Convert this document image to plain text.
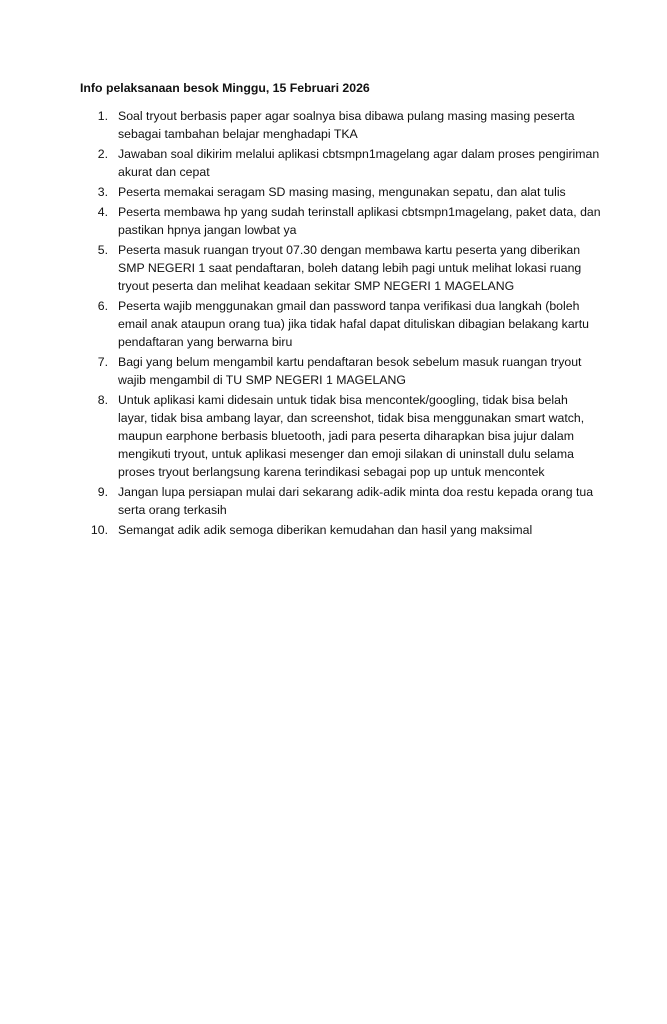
Info pelaksanaan besok Minggu, 15 Februari 2026
1. Soal tryout berbasis paper agar soalnya bisa dibawa pulang masing masing peserta
sebagai tambahan belajar menghadapi TKA
2. Jawaban soal dikirim melalui aplikasi cbtsmpn1magelang agar dalam proses pengiriman
akurat dan cepat
3. Peserta memakai seragam SD masing masing, mengunakan sepatu, dan alat tulis
4. Peserta membawa hp yang sudah terinstall aplikasi cbtsmpn1magelang, paket data, dan
pastikan hpnya jangan lowbat ya
5. Peserta masuk ruangan tryout 07.30 dengan membawa kartu peserta yang diberikan
SMP NEGERI 1 saat pendaftaran, boleh datang lebih pagi untuk melihat lokasi ruang
tryout peserta dan melihat keadaan sekitar SMP NEGERI 1 MAGELANG
6. Peserta wajib menggunakan gmail dan password tanpa verifikasi dua langkah (boleh
email anak ataupun orang tua) jika tidak hafal dapat dituliskan dibagian belakang kartu
pendaftaran yang berwarna biru
7. Bagi yang belum mengambil kartu pendaftaran besok sebelum masuk ruangan tryout
wajib mengambil di TU SMP NEGERI 1 MAGELANG
8. Untuk aplikasi kami didesain untuk tidak bisa mencontek/googling, tidak bisa belah
layar, tidak bisa ambang layar, dan screenshot, tidak bisa menggunakan smart watch,
maupun earphone berbasis bluetooth, jadi para peserta diharapkan bisa jujur dalam
mengikuti tryout, untuk aplikasi mesenger dan emoji silakan di uninstall dulu selama
proses tryout berlangsung karena terindikasi sebagai pop up untuk mencontek
9. Jangan lupa persiapan mulai dari sekarang adik-adik minta doa restu kepada orang tua
serta orang terkasih
10. Semangat adik adik semoga diberikan kemudahan dan hasil yang maksimal
